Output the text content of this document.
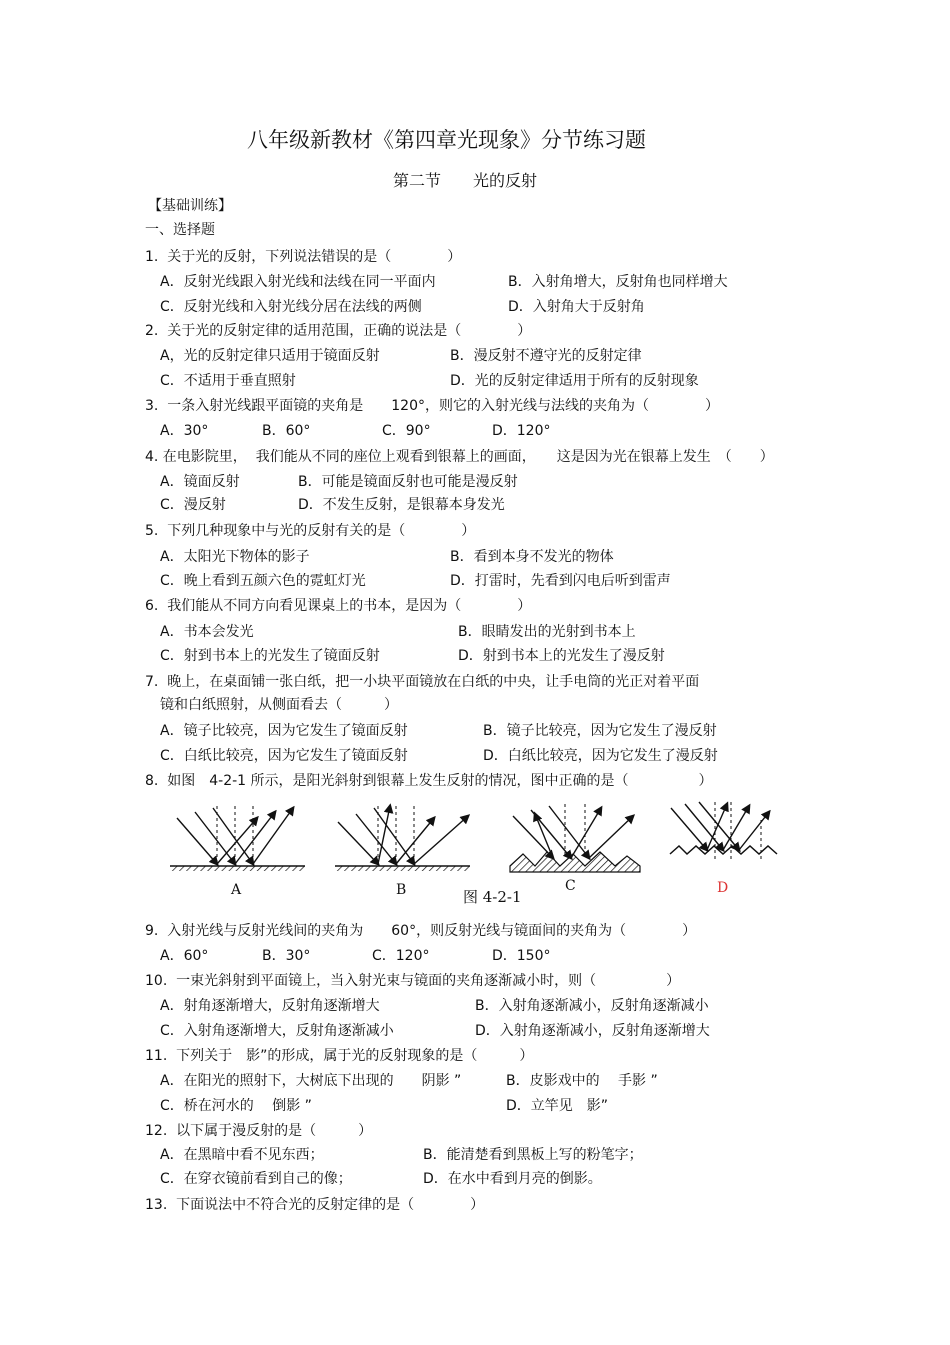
八年级新教材《第四章光现象》分节练习题
第二节　　光的反射
【基础训练】
一、选择题
1.  关于光的反射，下列说法错误的是（　　　　）
A．反射光线跟入射光线和法线在同一平面内	B．入射角增大，反射角也同样增大
C．反射光线和入射光线分居在法线的两侧	D．入射角大于反射角
2.  关于光的反射定律的适用范围，正确的说法是（　　　　）
A，光的反射定律只适用于镜面反射	B．漫反射不遵守光的反射定律
C．不适用于垂直照射	D．光的反射定律适用于所有的反射现象
3.  一条入射光线跟平面镜的夹角是　　120°，则它的入射光线与法线的夹角为（　　　　）
A．30°	B．60°	C．90°	D．120°
4. 在电影院里，  我们能从不同的座位上观看到银幕上的画面，　　这是因为光在银幕上发生　（　　）
A．镜面反射	B．可能是镜面反射也可能是漫反射
C．漫反射	D．不发生反射，是银幕本身发光
5.  下列几种现象中与光的反射有关的是（　　　　）
A．太阳光下物体的影子	B．看到本身不发光的物体
C．晚上看到五颜六色的霓虹灯光	D．打雷时，先看到闪电后听到雷声
6.  我们能从不同方向看见课桌上的书本，是因为（　　　　）
A．书本会发光	B．眼睛发出的光射到书本上
C．射到书本上的光发生了镜面反射	D．射到书本上的光发生了漫反射
7.  晚上，在桌面铺一张白纸，把一小块平面镜放在白纸的中央，让手电筒的光正对着平面
镜和白纸照射，从侧面看去（　　　）
A．镜子比较亮，因为它发生了镜面反射	B．镜子比较亮，因为它发生了漫反射
C．白纸比较亮，因为它发生了镜面反射	D．白纸比较亮，因为它发生了漫反射
8.  如图　4-2-1 所示，是阳光斜射到银幕上发生反射的情况，图中正确的是（　　　　　）
A	B	C	D
图 4-2-1
9.  入射光线与反射光线间的夹角为　　60°，则反射光线与镜面间的夹角为（　　　　）
A．60°	B．30°	C．120°	D．150°
10.  一束光斜射到平面镜上，当入射光束与镜面的夹角逐渐减小时，则（　　　　　）
A．射角逐渐增大，反射角逐渐增大	B．入射角逐渐减小，反射角逐渐减小
C．入射角逐渐增大，反射角逐渐减小	D．入射角逐渐减小，反射角逐渐增大
11.  下列关于　影”的形成，属于光的反射现象的是（　　　）
A．在阳光的照射下，大树底下出现的　　阴影 ”	B．皮影戏中的　 手影 ”
C．桥在河水的　 倒影 ”	D．立竿见　影”
12.  以下属于漫反射的是（　　　）
A．在黑暗中看不见东西；	B．能清楚看到黑板上写的粉笔字；
C．在穿衣镜前看到自己的像；	D．在水中看到月亮的倒影。
13.  下面说法中不符合光的反射定律的是（　　　　）
